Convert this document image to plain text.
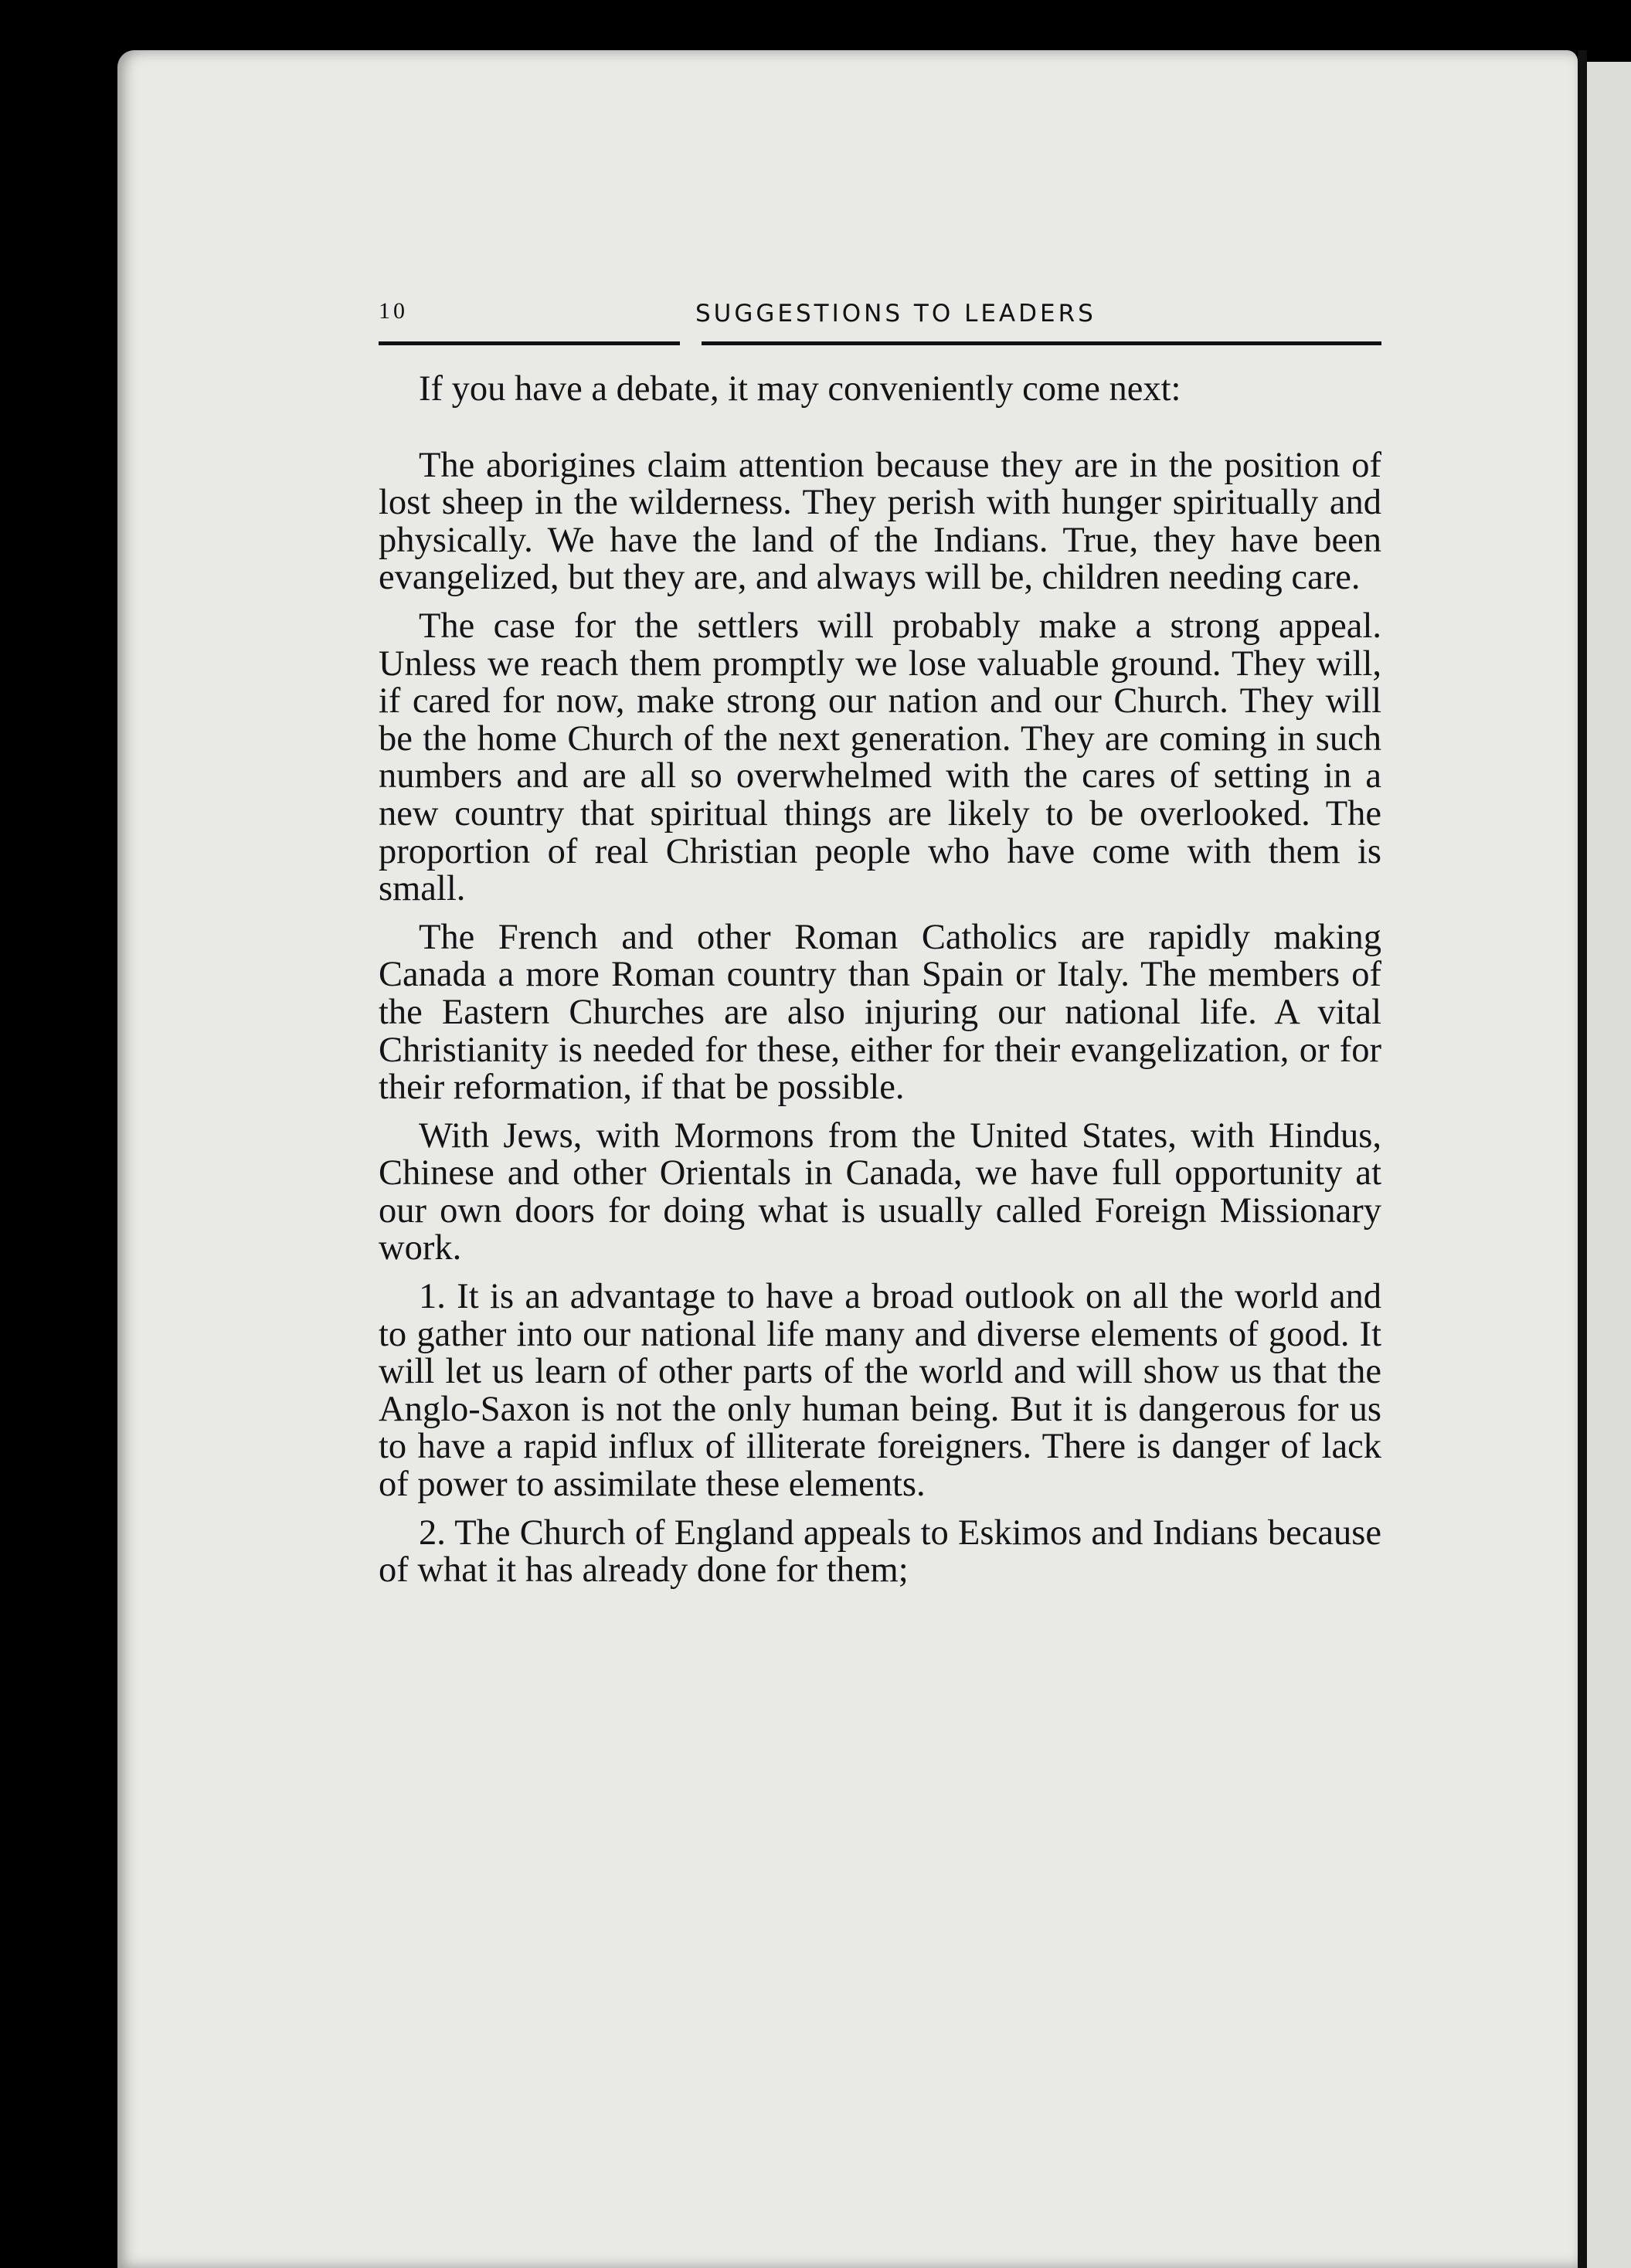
10	SUGGESTIONS TO LEADERS

If you have a debate, it may conveniently come next:

The aborigines claim attention because they are in the position of lost sheep in the wilderness. They perish with hunger spiritually and physically. We have the land of the Indians. True, they have been evangelized, but they are, and always will be, children needing care.

The case for the settlers will probably make a strong appeal. Unless we reach them promptly we lose valuable ground. They will, if cared for now, make strong our nation and our Church. They will be the home Church of the next generation. They are coming in such numbers and are all so overwhelmed with the cares of setting in a new country that spiritual things are likely to be overlooked. The proportion of real Christian people who have come with them is small.

The French and other Roman Catholics are rapidly making Canada a more Roman country than Spain or Italy. The members of the Eastern Churches are also injuring our national life. A vital Christianity is needed for these, either for their evangelization, or for their reformation, if that be possible.

With Jews, with Mormons from the United States, with Hindus, Chinese and other Orientals in Canada, we have full opportunity at our own doors for doing what is usually called Foreign Missionary work.

1. It is an advantage to have a broad outlook on all the world and to gather into our national life many and diverse elements of good. It will let us learn of other parts of the world and will show us that the Anglo-Saxon is not the only human being. But it is dangerous for us to have a rapid influx of illiterate foreigners. There is danger of lack of power to assimilate these elements.

2. The Church of England appeals to Eskimos and Indians because of what it has already done for them;
